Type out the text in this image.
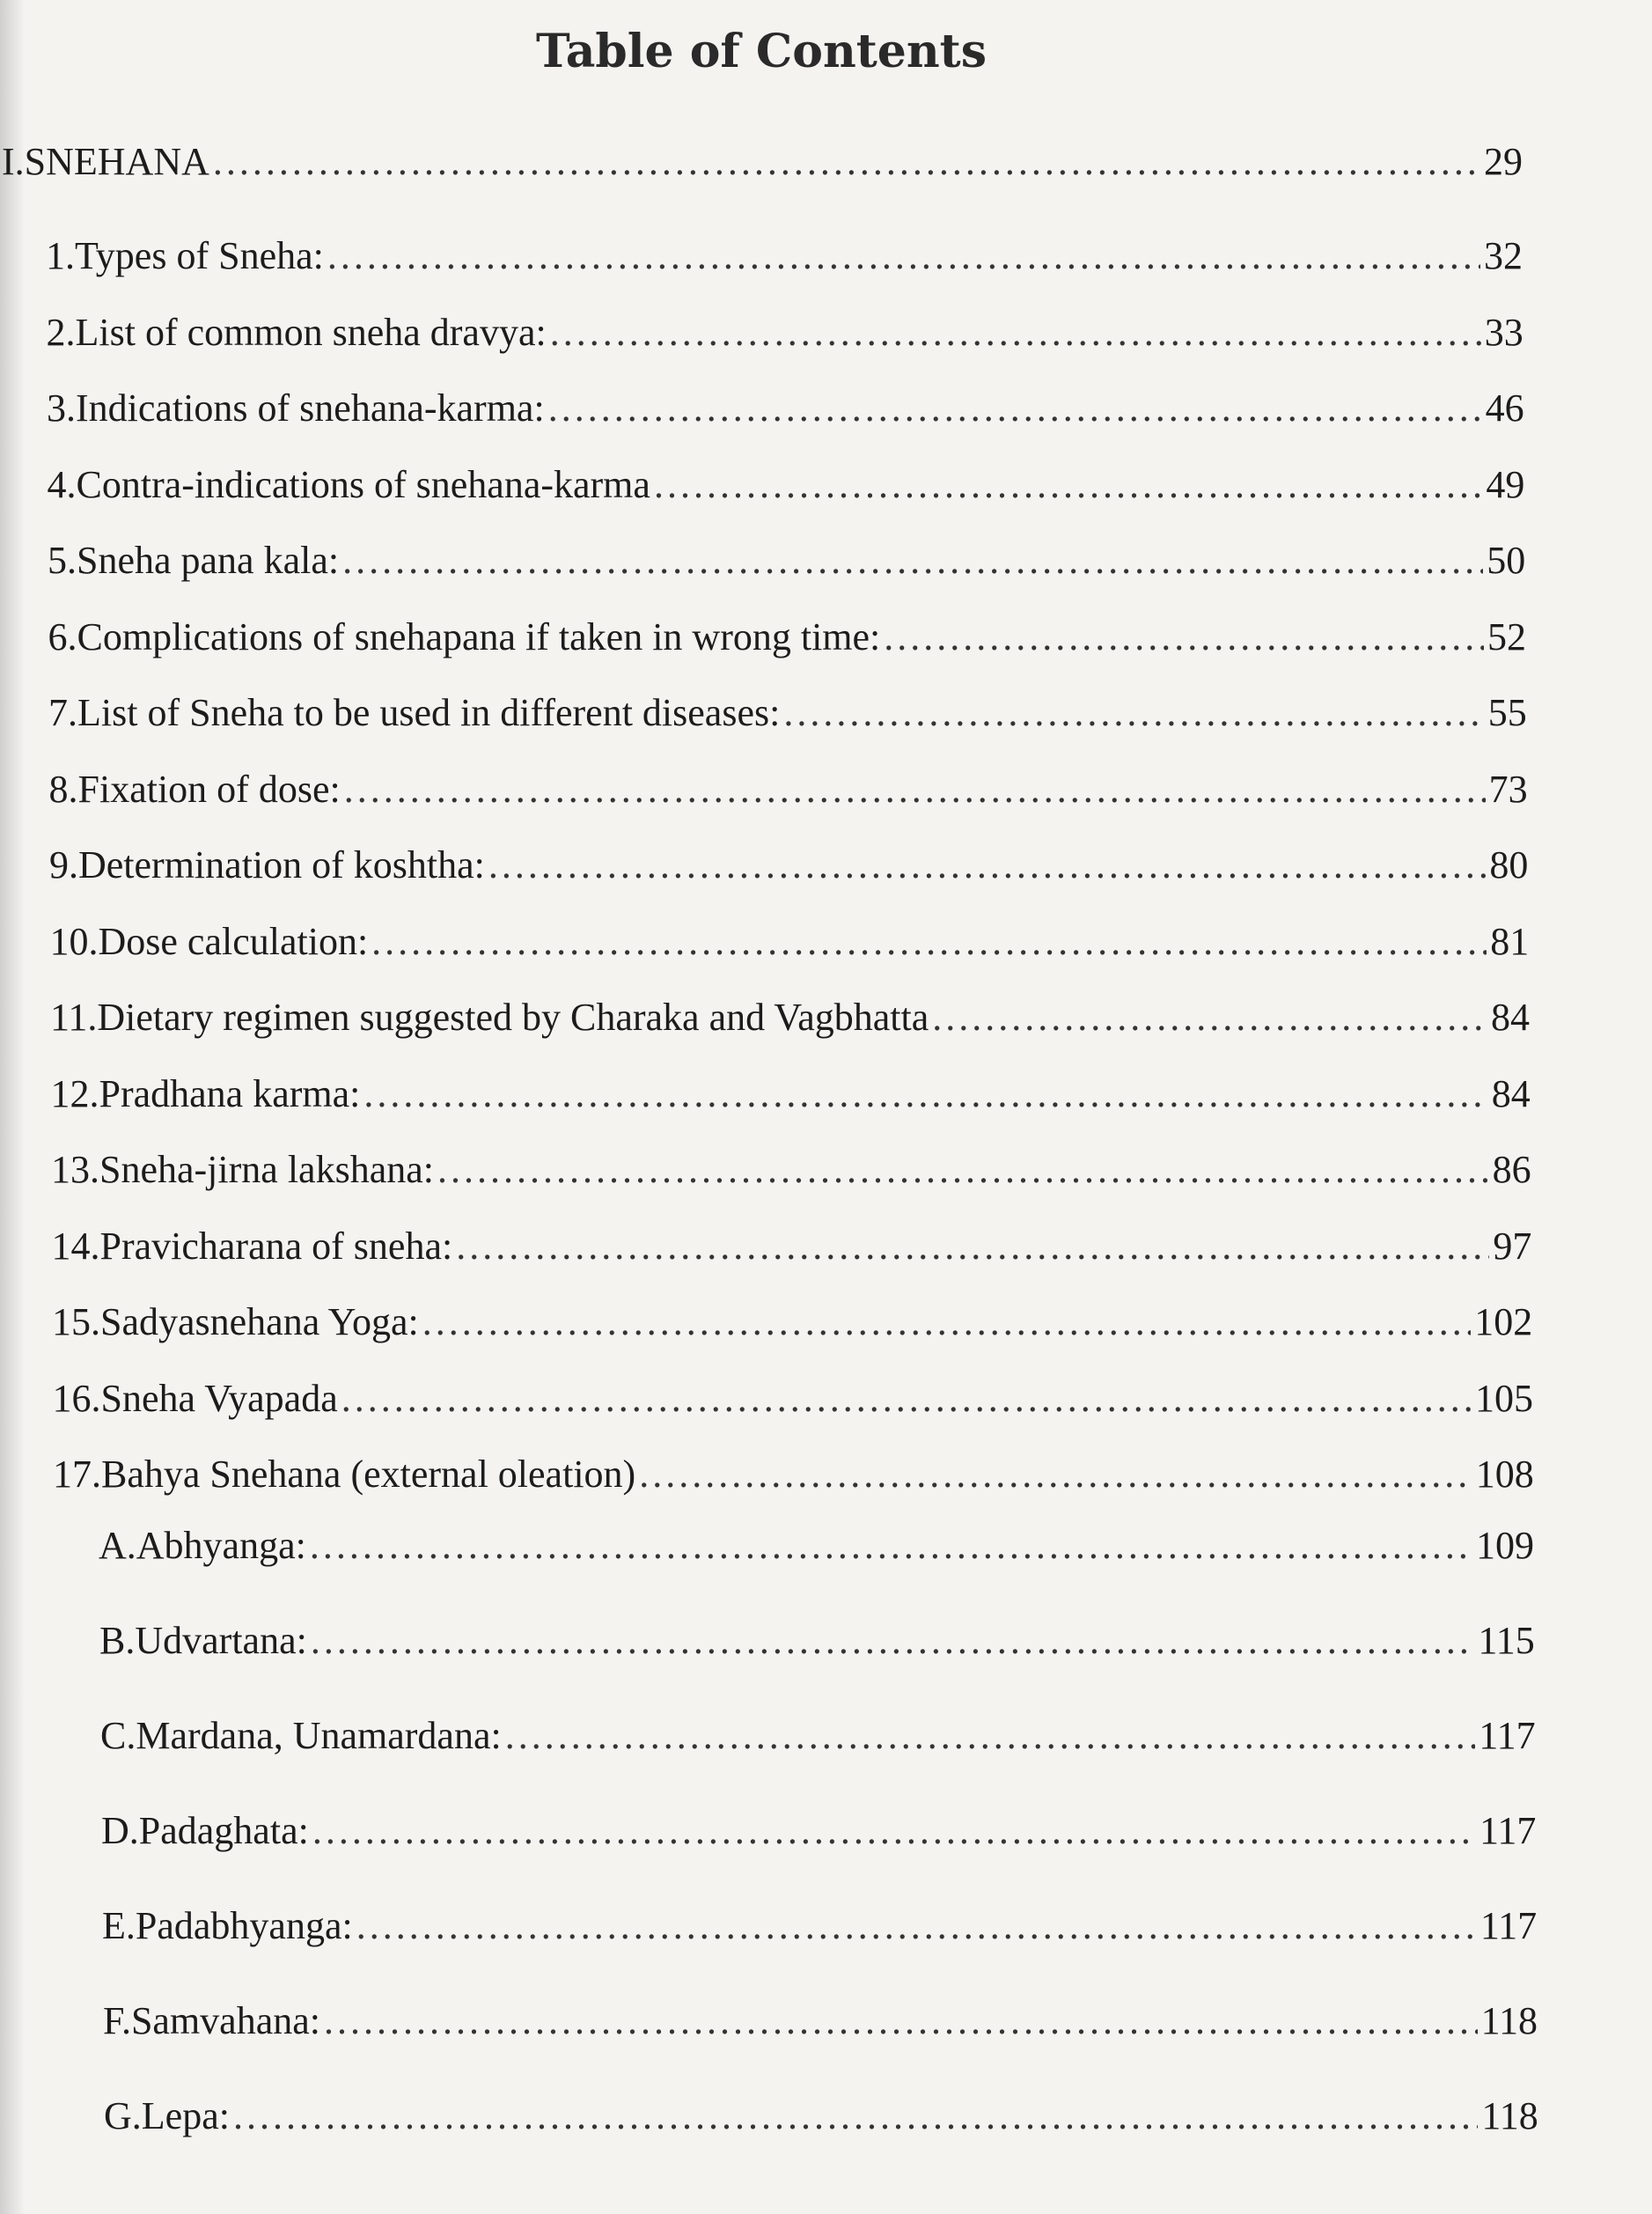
Table of Contents
I. SNEHANA .....	29
1. Types of Sneha: .....	32
2. List of common sneha dravya: .....	33
3. Indications of snehana-karma: .....	46
4. Contra-indications of snehana-karma .....	49
5. Sneha pana kala: .....	50
6. Complications of snehapana if taken in wrong time: .....	52
7. List of Sneha to be used in different diseases: .....	55
8. Fixation of dose: .....	73
9. Determination of koshtha: .....	80
10. Dose calculation: .....	81
11. Dietary regimen suggested by Charaka and Vagbhatta .....	84
12. Pradhana karma: .....	84
13. Sneha-jirna lakshana: .....	86
14. Pravicharana of sneha: .....	97
15. Sadyasnehana Yoga: .....	102
16. Sneha Vyapada .....	105
17. Bahya Snehana (external oleation) .....	108
A. Abhyanga: .....	109
B. Udvartana: .....	115
C. Mardana, Unamardana: .....	117
D. Padaghata: .....	117
E. Padabhyanga: .....	117
F. Samvahana: .....	118
G. Lepa: .....	118
